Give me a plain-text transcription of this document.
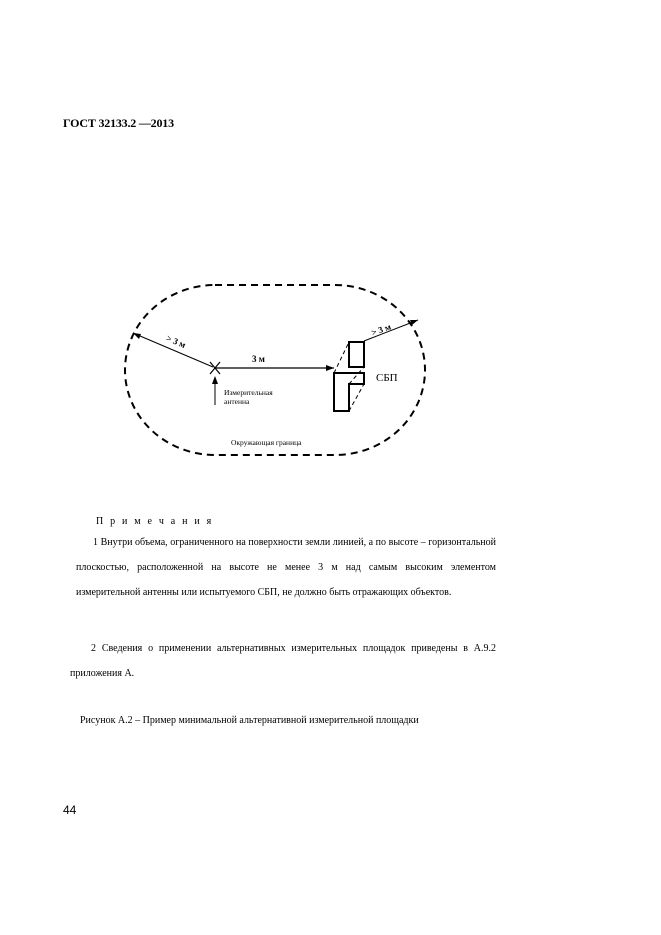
ГОСТ 32133.2 —2013
> 3 м
3 м
Измерительная
антенна
СБП
> 3 м
Окружающая граница
П р и м е ч а н и я
1 Внутри объема, ограниченного на поверхности земли линией, а по высоте – горизонтальной плоскостью, расположенной на высоте не менее 3 м над самым высоким элементом измерительной антенны или испытуемого СБП, не должно быть отражающих объектов.
2 Сведения о применении альтернативных измерительных площадок приведены в А.9.2 приложения А.
Рисунок А.2 – Пример минимальной альтернативной измерительной площадки
44
